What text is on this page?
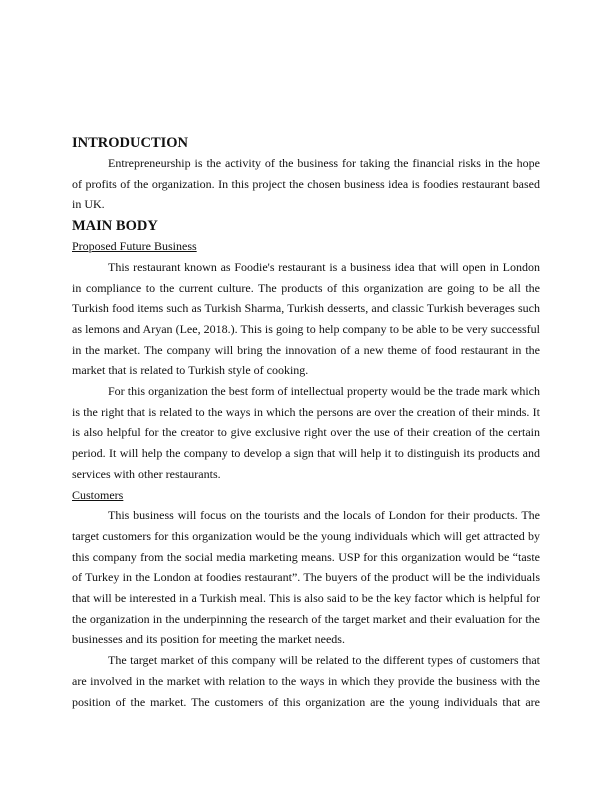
INTRODUCTION

Entrepreneurship is the activity of the business for taking the financial risks in the hope of profits of the organization. In this project the chosen business idea is foodies restaurant based in UK.

MAIN BODY

Proposed Future Business

This restaurant known as Foodie's restaurant is a business idea that will open in London in compliance to the current culture. The products of this organization are going to be all the Turkish food items such as Turkish Sharma, Turkish desserts, and classic Turkish beverages such as lemons and Aryan (Lee, 2018.). This is going to help company to be able to be very successful in the market. The company will bring the innovation of a new theme of food restaurant in the market that is related to Turkish style of cooking.

For this organization the best form of intellectual property would be the trade mark which is the right that is related to the ways in which the persons are over the creation of their minds. It is also helpful for the creator to give exclusive right over the use of their creation of the certain period. It will help the company to develop a sign that will help it to distinguish its products and services with other restaurants.

Customers

This business will focus on the tourists and the locals of London for their products. The target customers for this organization would be the young individuals which will get attracted by this company from the social media marketing means. USP for this organization would be “taste of Turkey in the London at foodies restaurant”. The buyers of the product will be the individuals that will be interested in a Turkish meal. This is also said to be the key factor which is helpful for the organization in the underpinning the research of the target market and their evaluation for the businesses and its position for meeting the market needs.

The target market of this company will be related to the different types of customers that are involved in the market with relation to the ways in which they provide the business with the position of the market. The customers of this organization are the young individuals that are
